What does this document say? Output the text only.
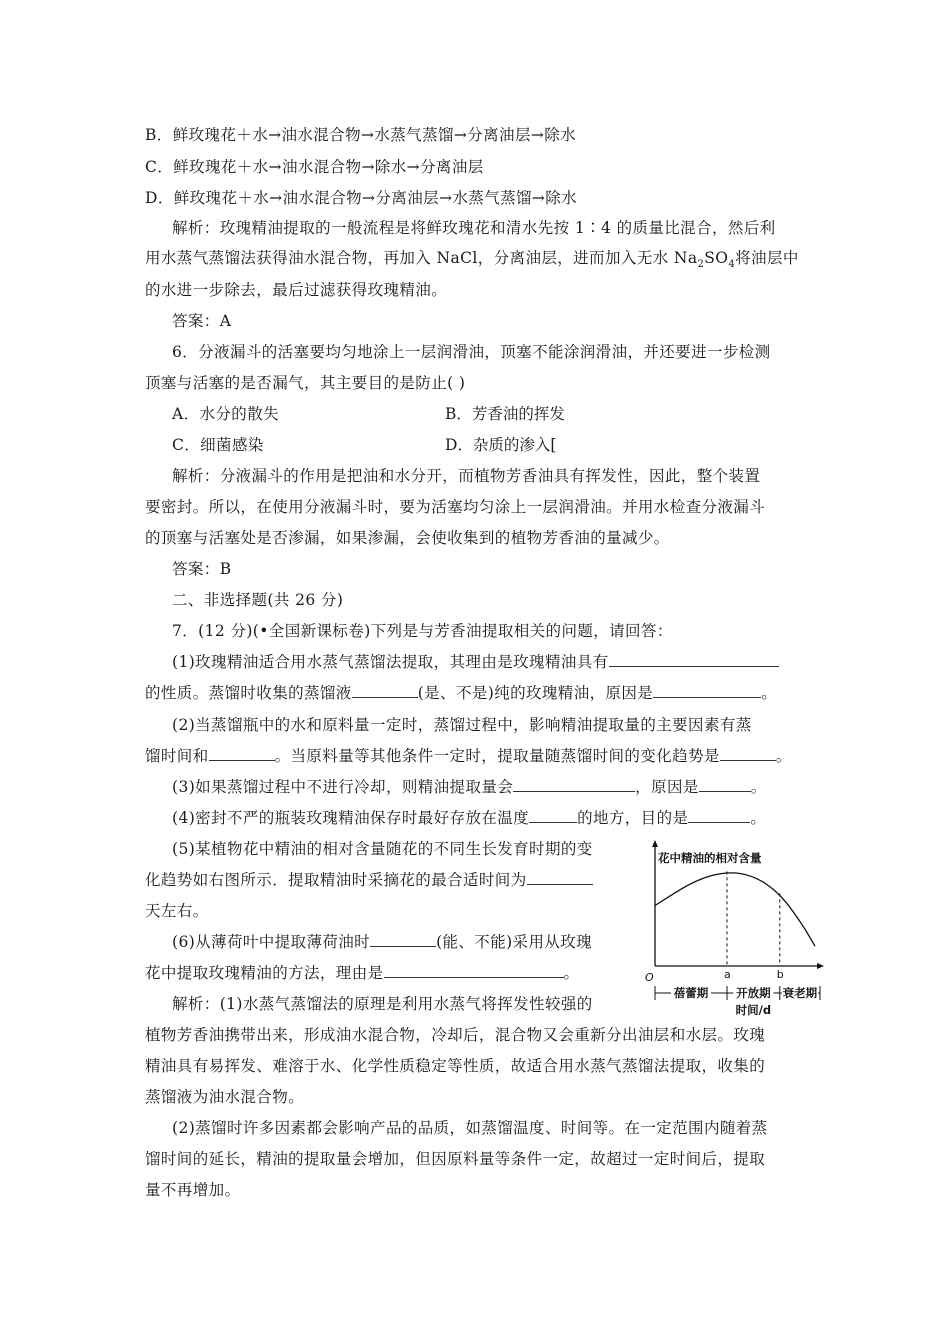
B．鲜玫瑰花＋水→油水混合物→水蒸气蒸馏→分离油层→除水
C．鲜玫瑰花＋水→油水混合物→除水→分离油层
D．鲜玫瑰花＋水→油水混合物→分离油层→水蒸气蒸馏→除水
解析：玫瑰精油提取的一般流程是将鲜玫瑰花和清水先按 1∶4 的质量比混合，然后利
用水蒸气蒸馏法获得油水混合物，再加入 NaCl，分离油层，进而加入无水 $Na_2SO_4$将油层中
的水进一步除去，最后过滤获得玫瑰精油。
答案：A
6．分液漏斗的活塞要均匀地涂上一层润滑油，顶塞不能涂润滑油，并还要进一步检测
顶塞与活塞的是否漏气，其主要目的是防止( )
A．水分的散失	B．芳香油的挥发
C．细菌感染	D．杂质的渗入[
解析：分液漏斗的作用是把油和水分开，而植物芳香油具有挥发性，因此，整个装置
要密封。所以，在使用分液漏斗时，要为活塞均匀涂上一层润滑油。并用水检查分液漏斗
的顶塞与活塞处是否渗漏，如果渗漏，会使收集到的植物芳香油的量减少。
答案：B
二、非选择题(共 26 分)
7．(12 分)(•全国新课标卷)下列是与芳香油提取相关的问题，请回答：
(1)玫瑰精油适合用水蒸气蒸馏法提取，其理由是玫瑰精油具有
的性质。蒸馏时收集的蒸馏液	(是、不是)纯的玫瑰精油，原因是	。
(2)当蒸馏瓶中的水和原料量一定时，蒸馏过程中，影响精油提取量的主要因素有蒸
馏时间和	。当原料量等其他条件一定时，提取量随蒸馏时间的变化趋势是	。
(3)如果蒸馏过程中不进行冷却，则精油提取量会	，原因是	。
(4)密封不严的瓶装玫瑰精油保存时最好存放在温度	的地方，目的是	。
(5)某植物花中精油的相对含量随花的不同生长发育时期的变
化趋势如右图所示．提取精油时采摘花的最合适时间为
天左右。
(6)从薄荷叶中提取薄荷油时	(能、不能)采用从玫瑰
花中提取玫瑰精油的方法，理由是	。
解析：(1)水蒸气蒸馏法的原理是利用水蒸气将挥发性较强的
植物芳香油携带出来，形成油水混合物，冷却后，混合物又会重新分出油层和水层。玫瑰
精油具有易挥发、难溶于水、化学性质稳定等性质，故适合用水蒸气蒸馏法提取，收集的
蒸馏液为油水混合物。
(2)蒸馏时许多因素都会影响产品的品质，如蒸馏温度、时间等。在一定范围内随着蒸
馏时间的延长，精油的提取量会增加，但因原料量等条件一定，故超过一定时间后，提取
量不再增加。
花中精油的相对含量
O	a	b
蓓蕾期 开放期 衰老期
时间/d
